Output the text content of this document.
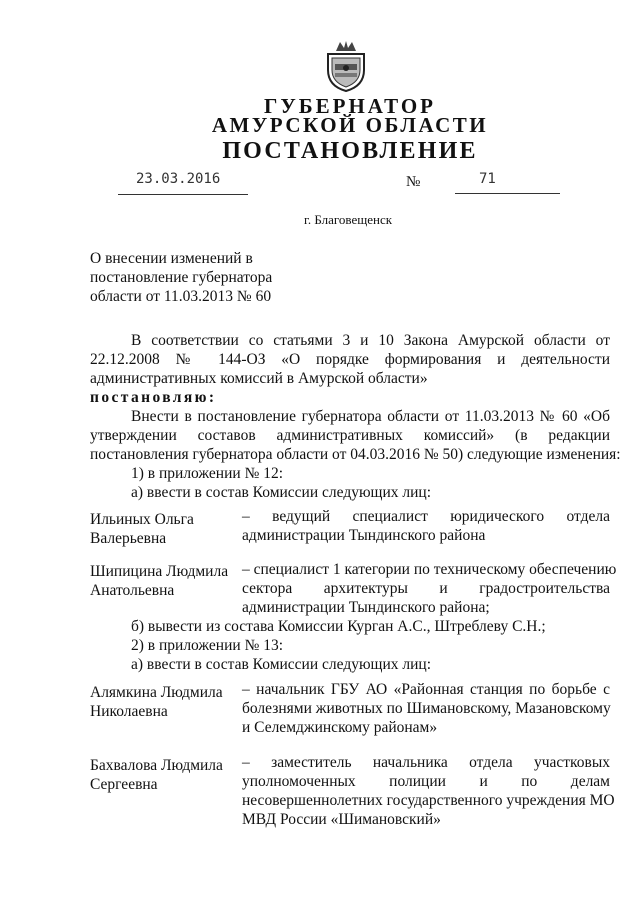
ГУБЕРНАТОР
АМУРСКОЙ ОБЛАСТИ
ПОСТАНОВЛЕНИЕ
23.03.2016	№	71
г. Благовещенск
О внесении изменений в
постановление губернатора
области от 11.03.2013 № 60
В соответствии со статьями 3 и 10 Закона Амурской области от
22.12.2008 № 144-ОЗ «О порядке формирования и деятельности
административных комиссий в Амурской области»
постановляю:
Внести в постановление губернатора области от 11.03.2013 № 60 «Об
утверждении составов административных комиссий» (в редакции
постановления губернатора области от 04.03.2016 № 50) следующие изменения:
1) в приложении № 12:
а) ввести в состав Комиссии следующих лиц:
Ильиных Ольга
Валерьевна
– ведущий специалист юридического отдела
администрации Тындинского района
Шипицина Людмила
Анатольевна
– специалист 1 категории по техническому обеспечению
сектора архитектуры и градостроительства
администрации Тындинского района;
б) вывести из состава Комиссии Курган А.С., Штреблеву С.Н.;
2) в приложении № 13:
а) ввести в состав Комиссии следующих лиц:
Алямкина Людмила
Николаевна
– начальник ГБУ АО «Районная станция по борьбе с
болезнями животных по Шимановскому, Мазановскому
и Селемджинскому районам»
Бахвалова Людмила
Сергеевна
– заместитель начальника отдела участковых
уполномоченных полиции и по делам
несовершеннолетних государственного учреждения МО
МВД России «Шимановский»
